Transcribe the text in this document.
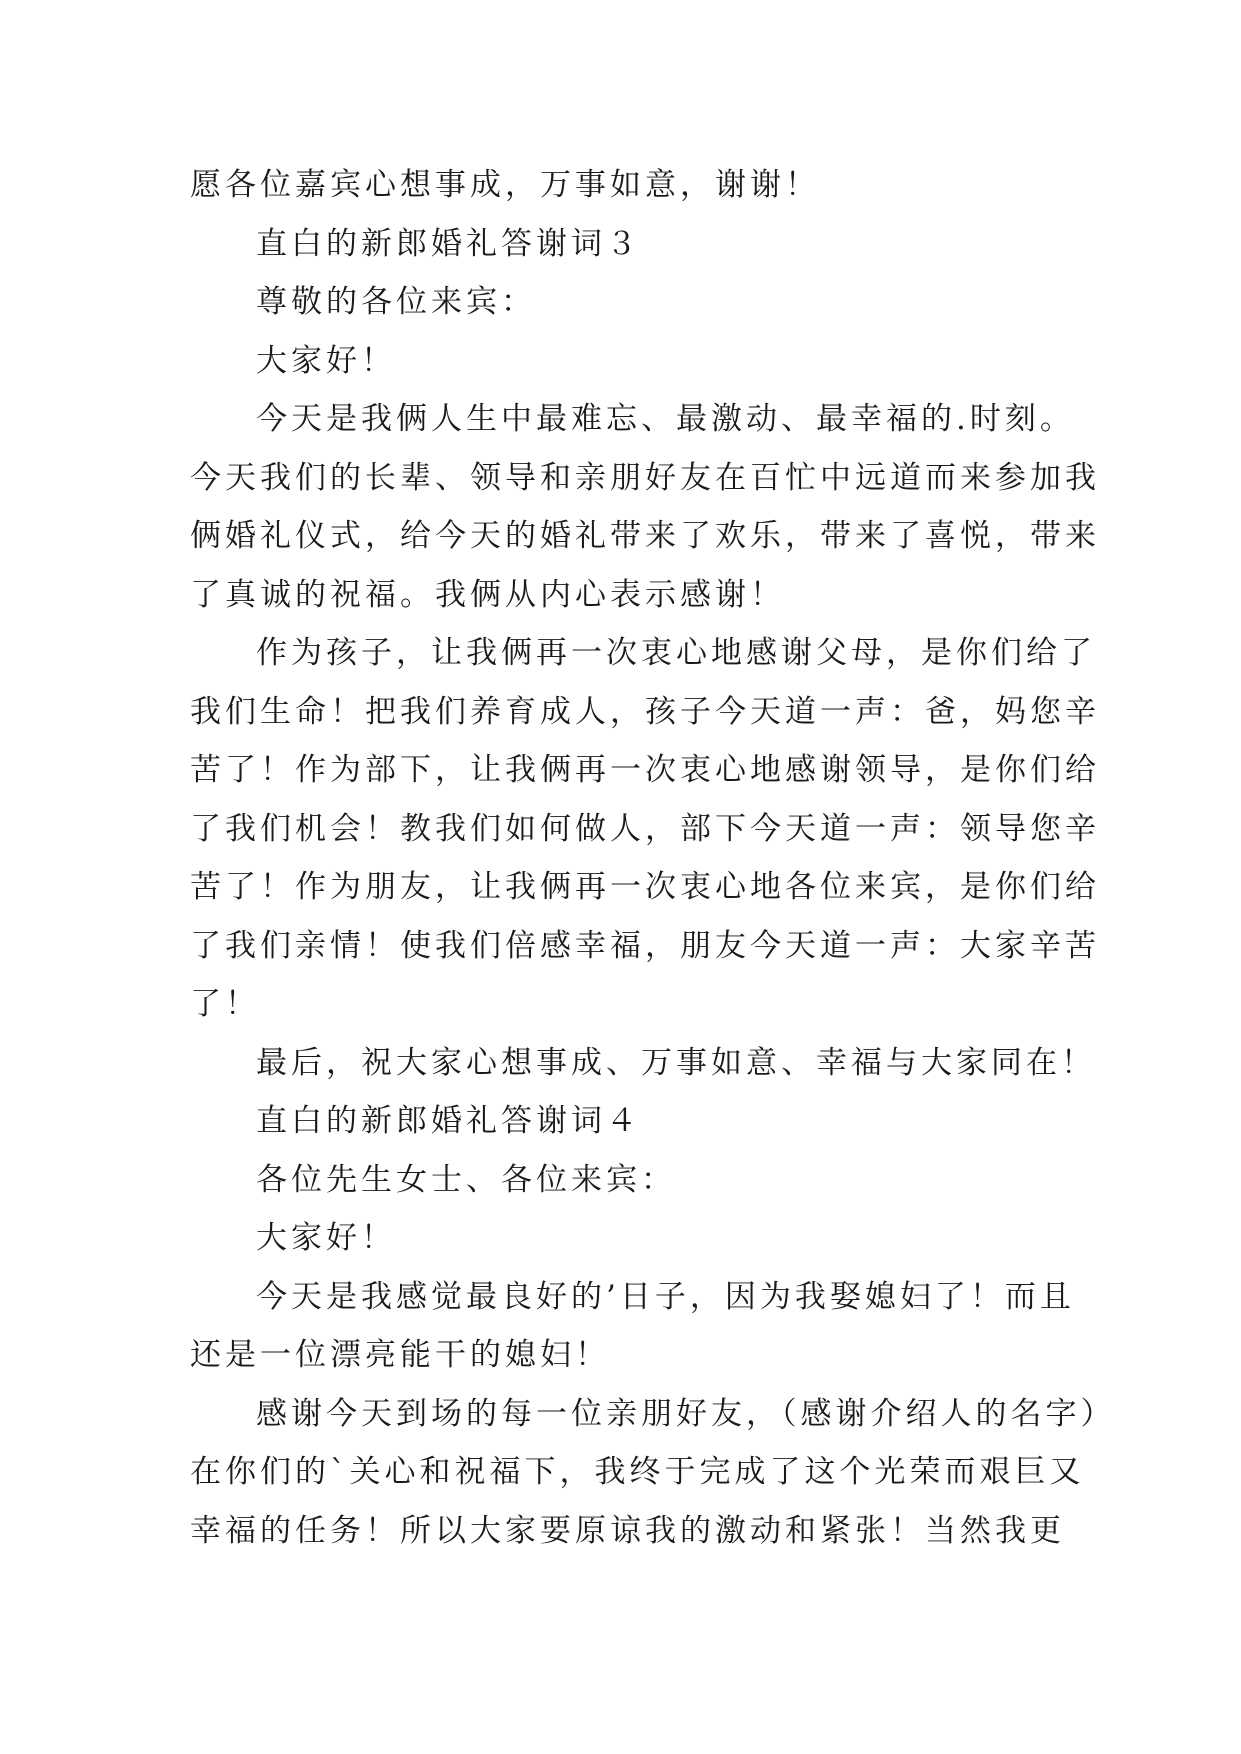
愿各位嘉宾心想事成，万事如意，谢谢！
直白的新郎婚礼答谢词３
尊敬的各位来宾：
大家好！
今天是我俩人生中最难忘、最激动、最幸福的.时刻。
今天我们的长辈、领导和亲朋好友在百忙中远道而来参加我
俩婚礼仪式，给今天的婚礼带来了欢乐，带来了喜悦，带来
了真诚的祝福。我俩从内心表示感谢！
作为孩子，让我俩再一次衷心地感谢父母，是你们给了
我们生命！把我们养育成人，孩子今天道一声：爸，妈您辛
苦了！作为部下，让我俩再一次衷心地感谢领导，是你们给
了我们机会！教我们如何做人，部下今天道一声：领导您辛
苦了！作为朋友，让我俩再一次衷心地各位来宾，是你们给
了我们亲情！使我们倍感幸福，朋友今天道一声：大家辛苦
了！
最后，祝大家心想事成、万事如意、幸福与大家同在！
直白的新郎婚礼答谢词４
各位先生女士、各位来宾：
大家好！
今天是我感觉最良好的’日子，因为我娶媳妇了！而且
还是一位漂亮能干的媳妇！
感谢今天到场的每一位亲朋好友，（感谢介绍人的名字）
在你们的`关心和祝福下，我终于完成了这个光荣而艰巨又
幸福的任务！所以大家要原谅我的激动和紧张！当然我更
